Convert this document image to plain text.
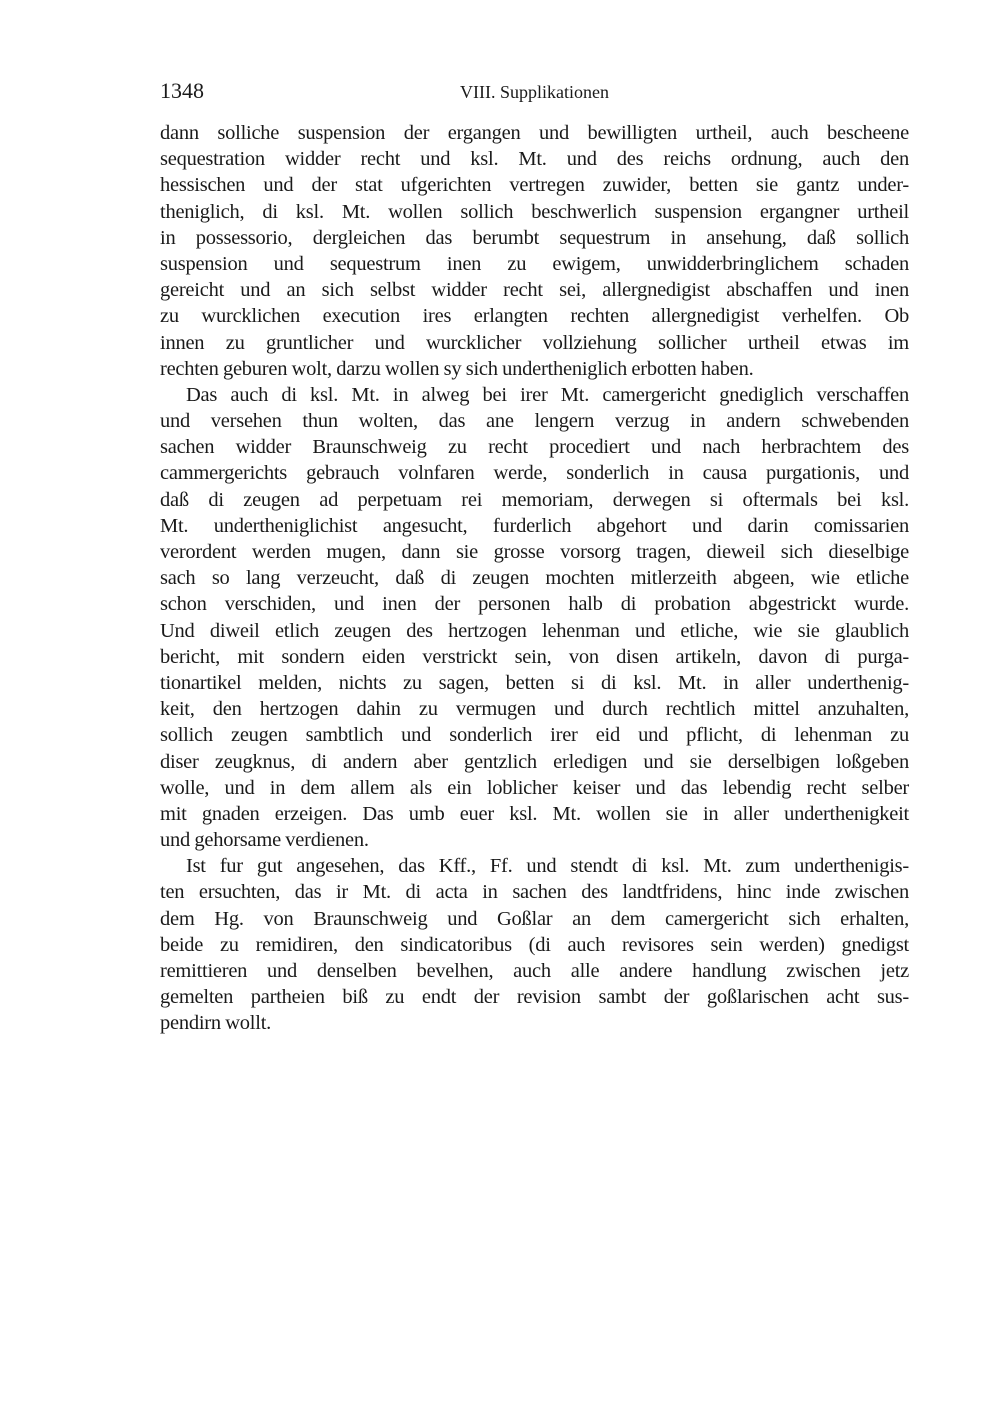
1348	VIII. Supplikationen
dann solliche suspension der ergangen und bewilligten urtheil, auch bescheene
sequestration widder recht und ksl. Mt. und des reichs ordnung, auch den
hessischen und der stat ufgerichten vertregen zuwider, betten sie gantz under-
theniglich, di ksl. Mt. wollen sollich beschwerlich suspension ergangner urtheil
in possessorio, dergleichen das berumbt sequestrum in ansehung, daß sollich
suspension und sequestrum inen zu ewigem, unwidderbringlichem schaden
gereicht und an sich selbst widder recht sei, allergnedigist abschaffen und inen
zu wurcklichen execution ires erlangten rechten allergnedigist verhelfen. Ob
innen zu gruntlicher und wurcklicher vollziehung sollicher urtheil etwas im
rechten geburen wolt, darzu wollen sy sich undertheniglich erbotten haben.
Das auch di ksl. Mt. in alweg bei irer Mt. camergericht gnediglich verschaffen
und versehen thun wolten, das ane lengern verzug in andern schwebenden
sachen widder Braunschweig zu recht procediert und nach herbrachtem des
cammergerichts gebrauch volnfaren werde, sonderlich in causa purgationis, und
daß di zeugen ad perpetuam rei memoriam, derwegen si oftermals bei ksl.
Mt. undertheniglichist angesucht, furderlich abgehort und darin comissarien
verordent werden mugen, dann sie grosse vorsorg tragen, dieweil sich dieselbige
sach so lang verzeucht, daß di zeugen mochten mitlerzeith abgeen, wie etliche
schon verschiden, und inen der personen halb di probation abgestrickt wurde.
Und diweil etlich zeugen des hertzogen lehenman und etliche, wie sie glaublich
bericht, mit sondern eiden verstrickt sein, von disen artikeln, davon di purga-
tionartikel melden, nichts zu sagen, betten si di ksl. Mt. in aller underthenig-
keit, den hertzogen dahin zu vermugen und durch rechtlich mittel anzuhalten,
sollich zeugen sambtlich und sonderlich irer eid und pflicht, di lehenman zu
diser zeugknus, di andern aber gentzlich erledigen und sie derselbigen loßgeben
wolle, und in dem allem als ein loblicher keiser und das lebendig recht selber
mit gnaden erzeigen. Das umb euer ksl. Mt. wollen sie in aller underthenigkeit
und gehorsame verdienen.
Ist fur gut angesehen, das Kff., Ff. und stendt di ksl. Mt. zum underthenigis-
ten ersuchten, das ir Mt. di acta in sachen des landtfridens, hinc inde zwischen
dem Hg. von Braunschweig und Goßlar an dem camergericht sich erhalten,
beide zu remidiren, den sindicatoribus (di auch revisores sein werden) gnedigst
remittieren und denselben bevelhen, auch alle andere handlung zwischen jetz
gemelten partheien biß zu endt der revision sambt der goßlarischen acht sus-
pendirn wollt.
